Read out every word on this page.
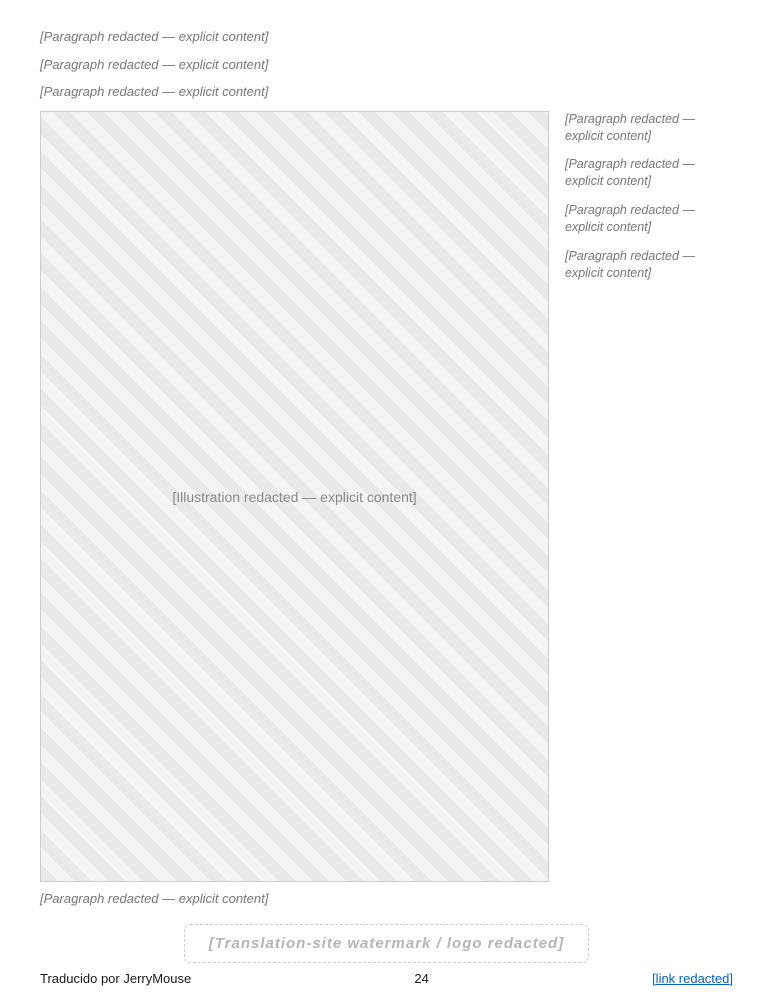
[Paragraph redacted — explicit content]

[Paragraph redacted — explicit content]

[Paragraph redacted — explicit content]

[Illustration redacted — explicit content]

[Paragraph redacted — explicit content]

[Paragraph redacted — explicit content]

[Paragraph redacted — explicit content]

[Paragraph redacted — explicit content]

[Paragraph redacted — explicit content]

[Translation-site watermark / logo redacted]
Traducido por JerryMouse	24	[link redacted]
